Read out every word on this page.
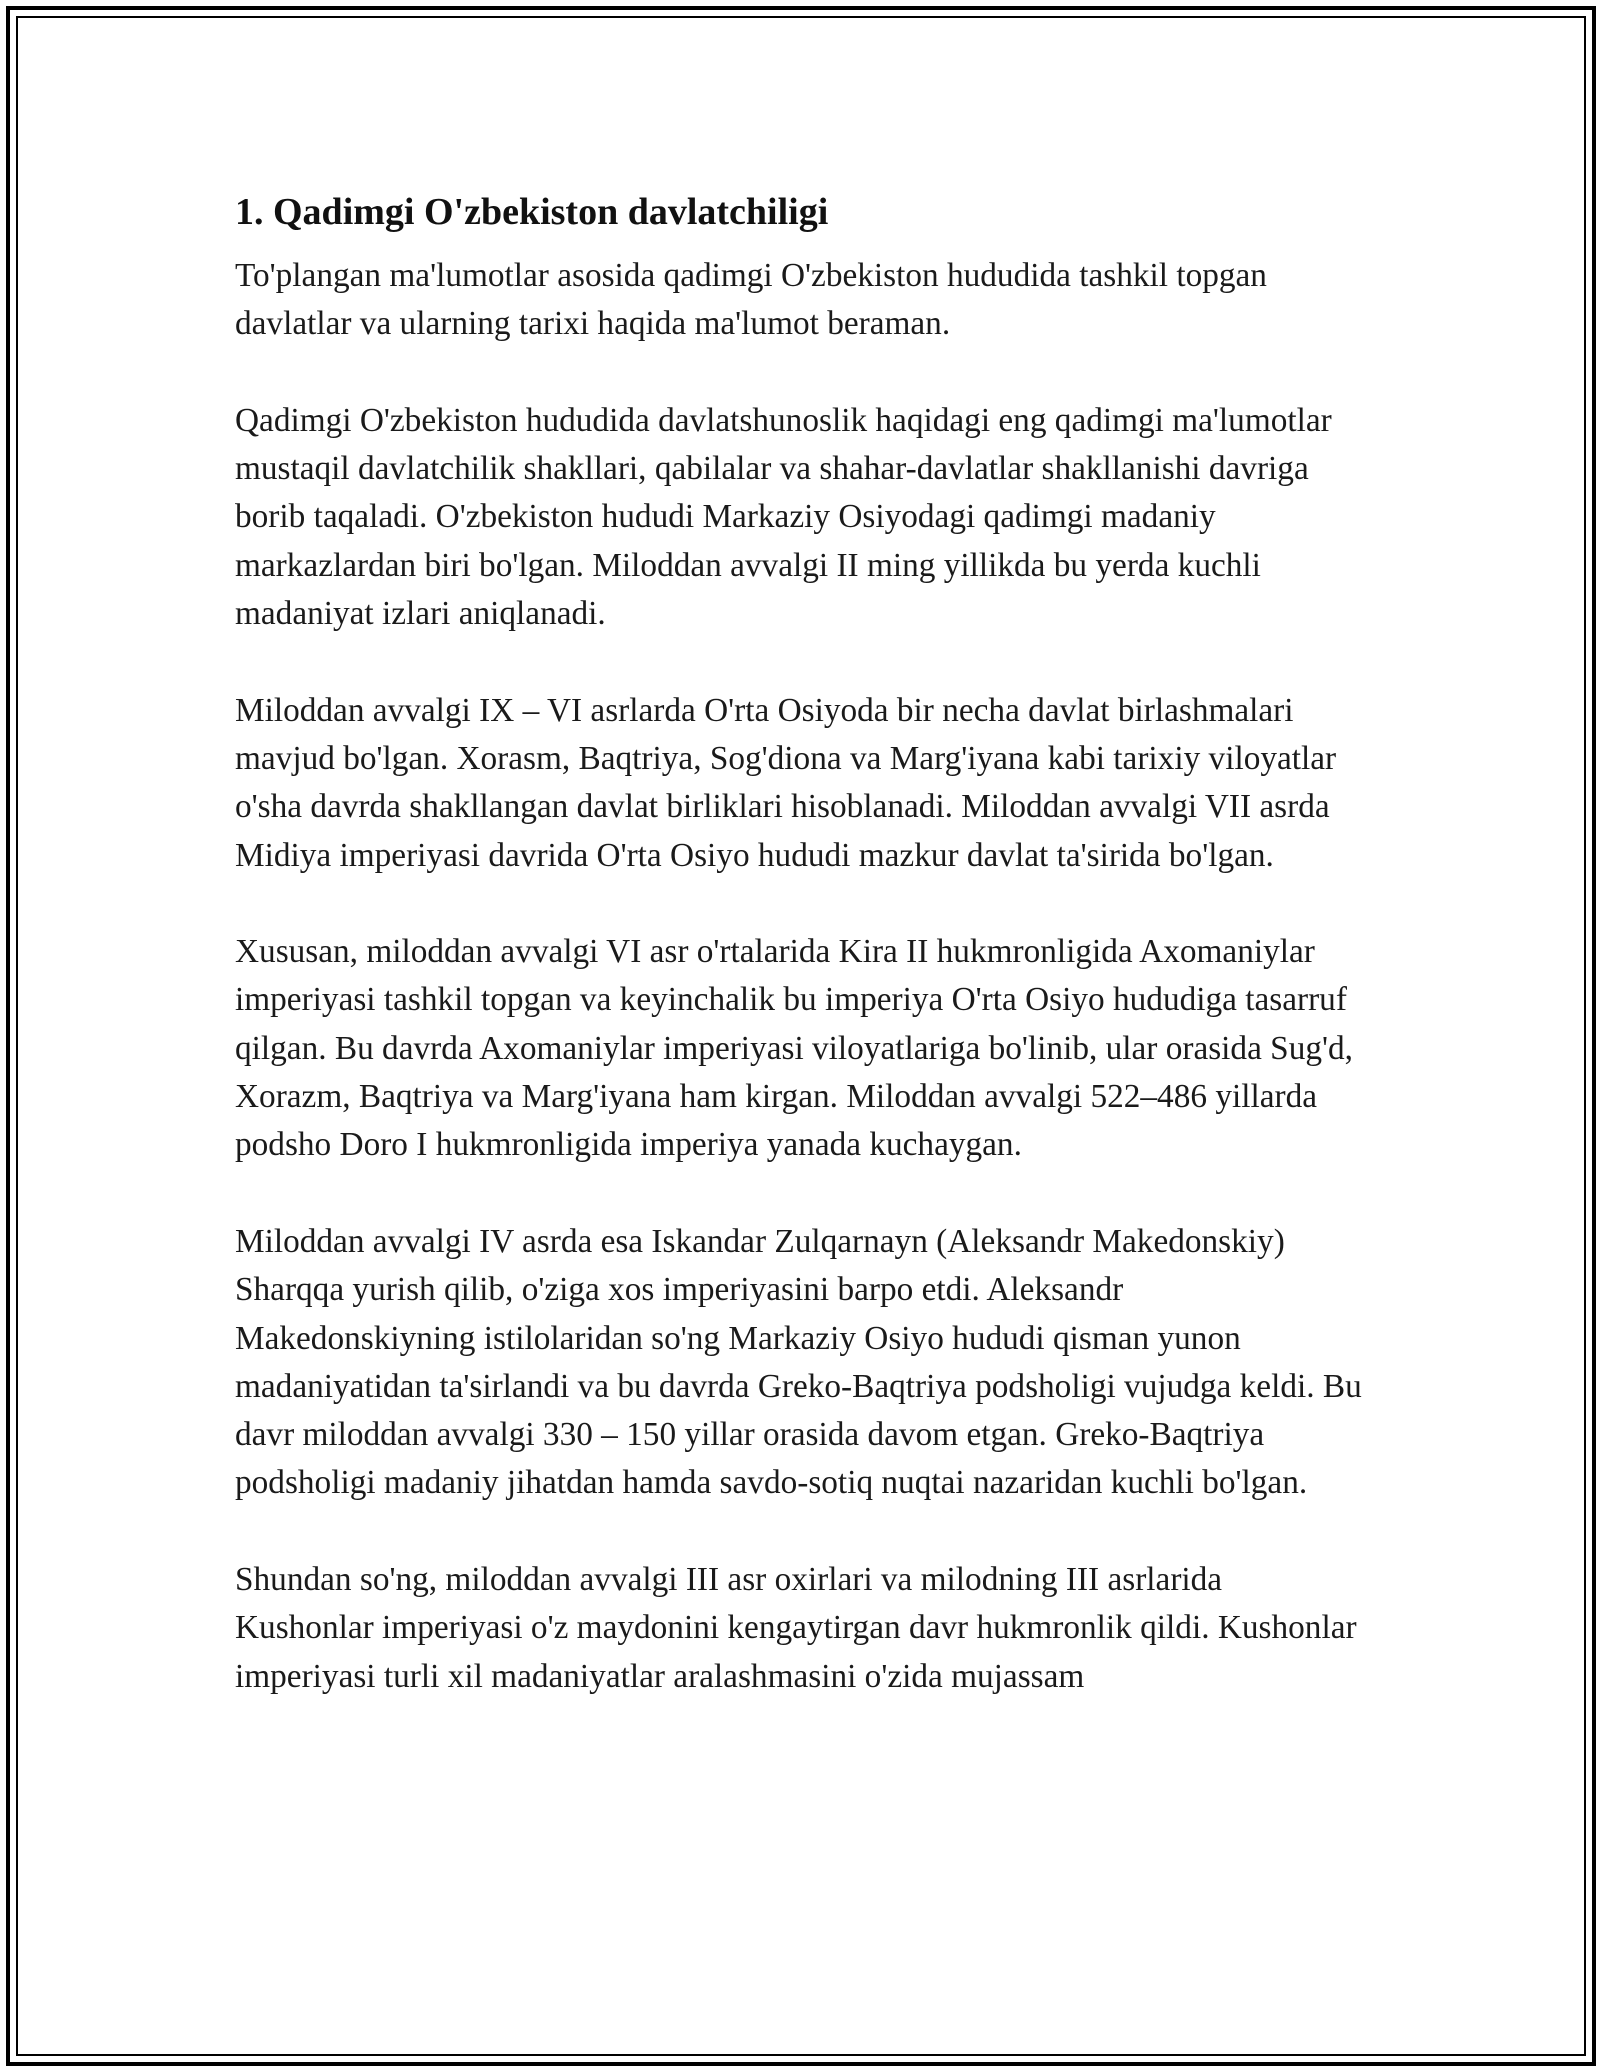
1. Qadimgi O'zbekiston davlatchiligi

To'plangan ma'lumotlar asosida qadimgi O'zbekiston hududida tashkil topgan davlatlar va ularning tarixi haqida ma'lumot beraman.

Qadimgi O'zbekiston hududida davlatshunoslik haqidagi eng qadimgi ma'lumotlar mustaqil davlatchilik shakllari, qabilalar va shahar-davlatlar shakllanishi davriga borib taqaladi. O'zbekiston hududi Markaziy Osiyodagi qadimgi madaniy markazlardan biri bo'lgan. Miloddan avvalgi II ming yillikda bu yerda kuchli madaniyat izlari aniqlanadi.

Miloddan avvalgi IX – VI asrlarda O'rta Osiyoda bir necha davlat birlashmalari mavjud bo'lgan. Xorasm, Baqtriya, Sog'diona va Marg'iyana kabi tarixiy viloyatlar o'sha davrda shakllangan davlat birliklari hisoblanadi. Miloddan avvalgi VII asrda Midiya imperiyasi davrida O'rta Osiyo hududi mazkur davlat ta'sirida bo'lgan.

Xususan, miloddan avvalgi VI asr o'rtalarida Kira II hukmronligida Axomaniylar imperiyasi tashkil topgan va keyinchalik bu imperiya O'rta Osiyo hududiga tasarruf qilgan. Bu davrda Axomaniylar imperiyasi viloyatlariga bo'linib, ular orasida Sug'd, Xorazm, Baqtriya va Marg'iyana ham kirgan. Miloddan avvalgi 522–486 yillarda podsho Doro I hukmronligida imperiya yanada kuchaygan.

Miloddan avvalgi IV asrda esa Iskandar Zulqarnayn (Aleksandr Makedonskiy) Sharqqa yurish qilib, o'ziga xos imperiyasini barpo etdi. Aleksandr Makedonskiyning istilolaridan so'ng Markaziy Osiyo hududi qisman yunon madaniyatidan ta'sirlandi va bu davrda Greko-Baqtriya podsholigi vujudga keldi. Bu davr miloddan avvalgi 330 – 150 yillar orasida davom etgan. Greko-Baqtriya podsholigi madaniy jihatdan hamda savdo-sotiq nuqtai nazaridan kuchli bo'lgan.

Shundan so'ng, miloddan avvalgi III asr oxirlari va milodning III asrlarida Kushonlar imperiyasi o'z maydonini kengaytirgan davr hukmronlik qildi. Kushonlar imperiyasi turli xil madaniyatlar aralashmasini o'zida mujassam
